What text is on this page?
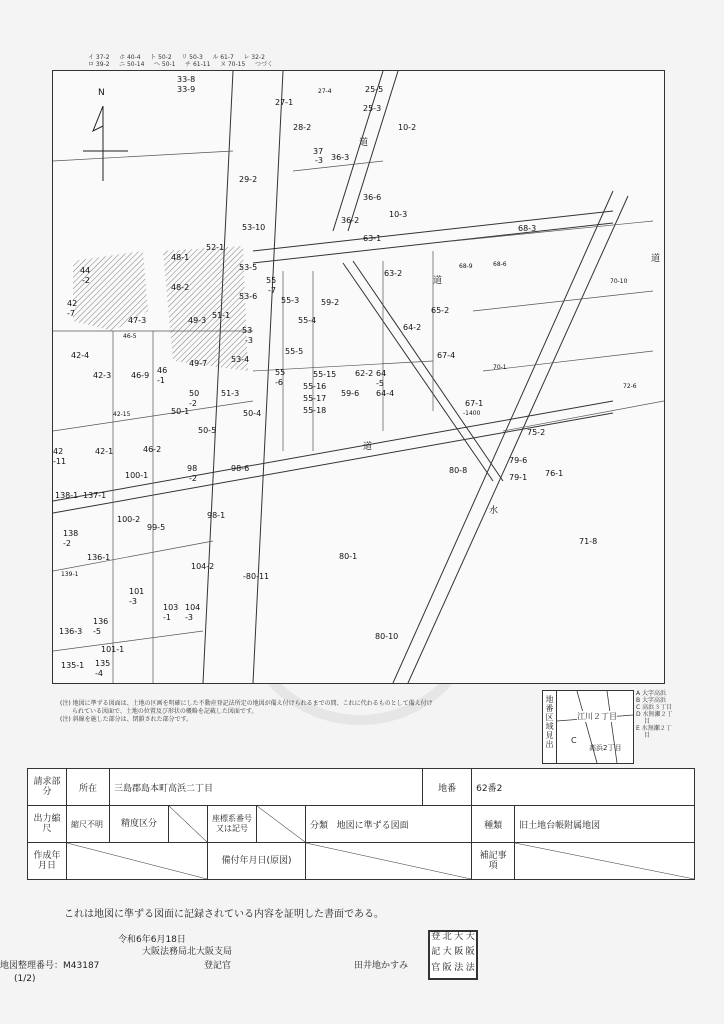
イ 37-2 ホ 40-4 ト 50-2 リ 50-3 ル 61-7 レ 32-2
ロ 39-2 ニ 50-14 ヘ 50-1 チ 61-11 ヌ 70-15 つづく
N
33-8
33-9
27-1
25-5
25-3
10-2
27-4
37
-3
28-2
36-3
29-2
36-6
36-2
10-3
53-10
63-1
68-3
52-1
53-5
55
-7
63-2
65-2
68-9	68-6
70-10
44
-2
48-1
48-2
53-6	55-3	59-2
64-2
67-4
42
-7
47-3	49-3
51-1
53
-3
55-4
42-4
46-5
46-9
46
-1
49-7	53-4
55-5
55
-6
55-15 62-2 64
-5
64-4
70-1
72-6
42-3
50
-2
51-3
55-16
55-17
55-18
59-6
67-1
-1400
42-15	50-1	50-4
50-5	75-2
42
-11
42-1	46-2
98
-2
98-6	80-8	76-1
100-1	79-1
138-1 137-1
100-2
99-5
98-1
79-6
138
-2
136-1
104-2
80-1
71-8
139-1
101
-3
103
-1
104
-3
-80-11
136-3
136
-5
101-1
80-10
135-1 135
-4
道
道
道
水
道
(注) 地図に準ずる図面は、土地の区画を明確にした不動産登記法所定の地図が備え付けられるまでの間、これに代わるものとして備え付け
　　られている図面で、土地の位置及び形状の概略を記載した図面です。
(注) 斜線を施した部分は、閉鎖された部分です。
地番区域見出
江川２丁目
C
高浜2丁目
A 大字高浜
B 大字高浜
C 高浜３丁目
D 水無瀬２丁
　 目
E 水無瀬２丁
　 目
請求部分	所在	三島郡島本町高浜二丁目					地番	62番2	
出力縮尺	縮尺不明	精度区分		座標系番号又は記号		分類 地図に準ずる図面		種類	旧土地台帳附属地図
作成年月日				備付年月日(原図)				補記事項	
これは地図に準ずる図面に記録されている内容を証明した書面である。
令和6年6月18日
大阪法務局北大阪支局
地図整理番号：M43187	登記官	田井地かすみ
(1/2)
登 北 大 大
記 大 阪 阪
官 阪 法 法
